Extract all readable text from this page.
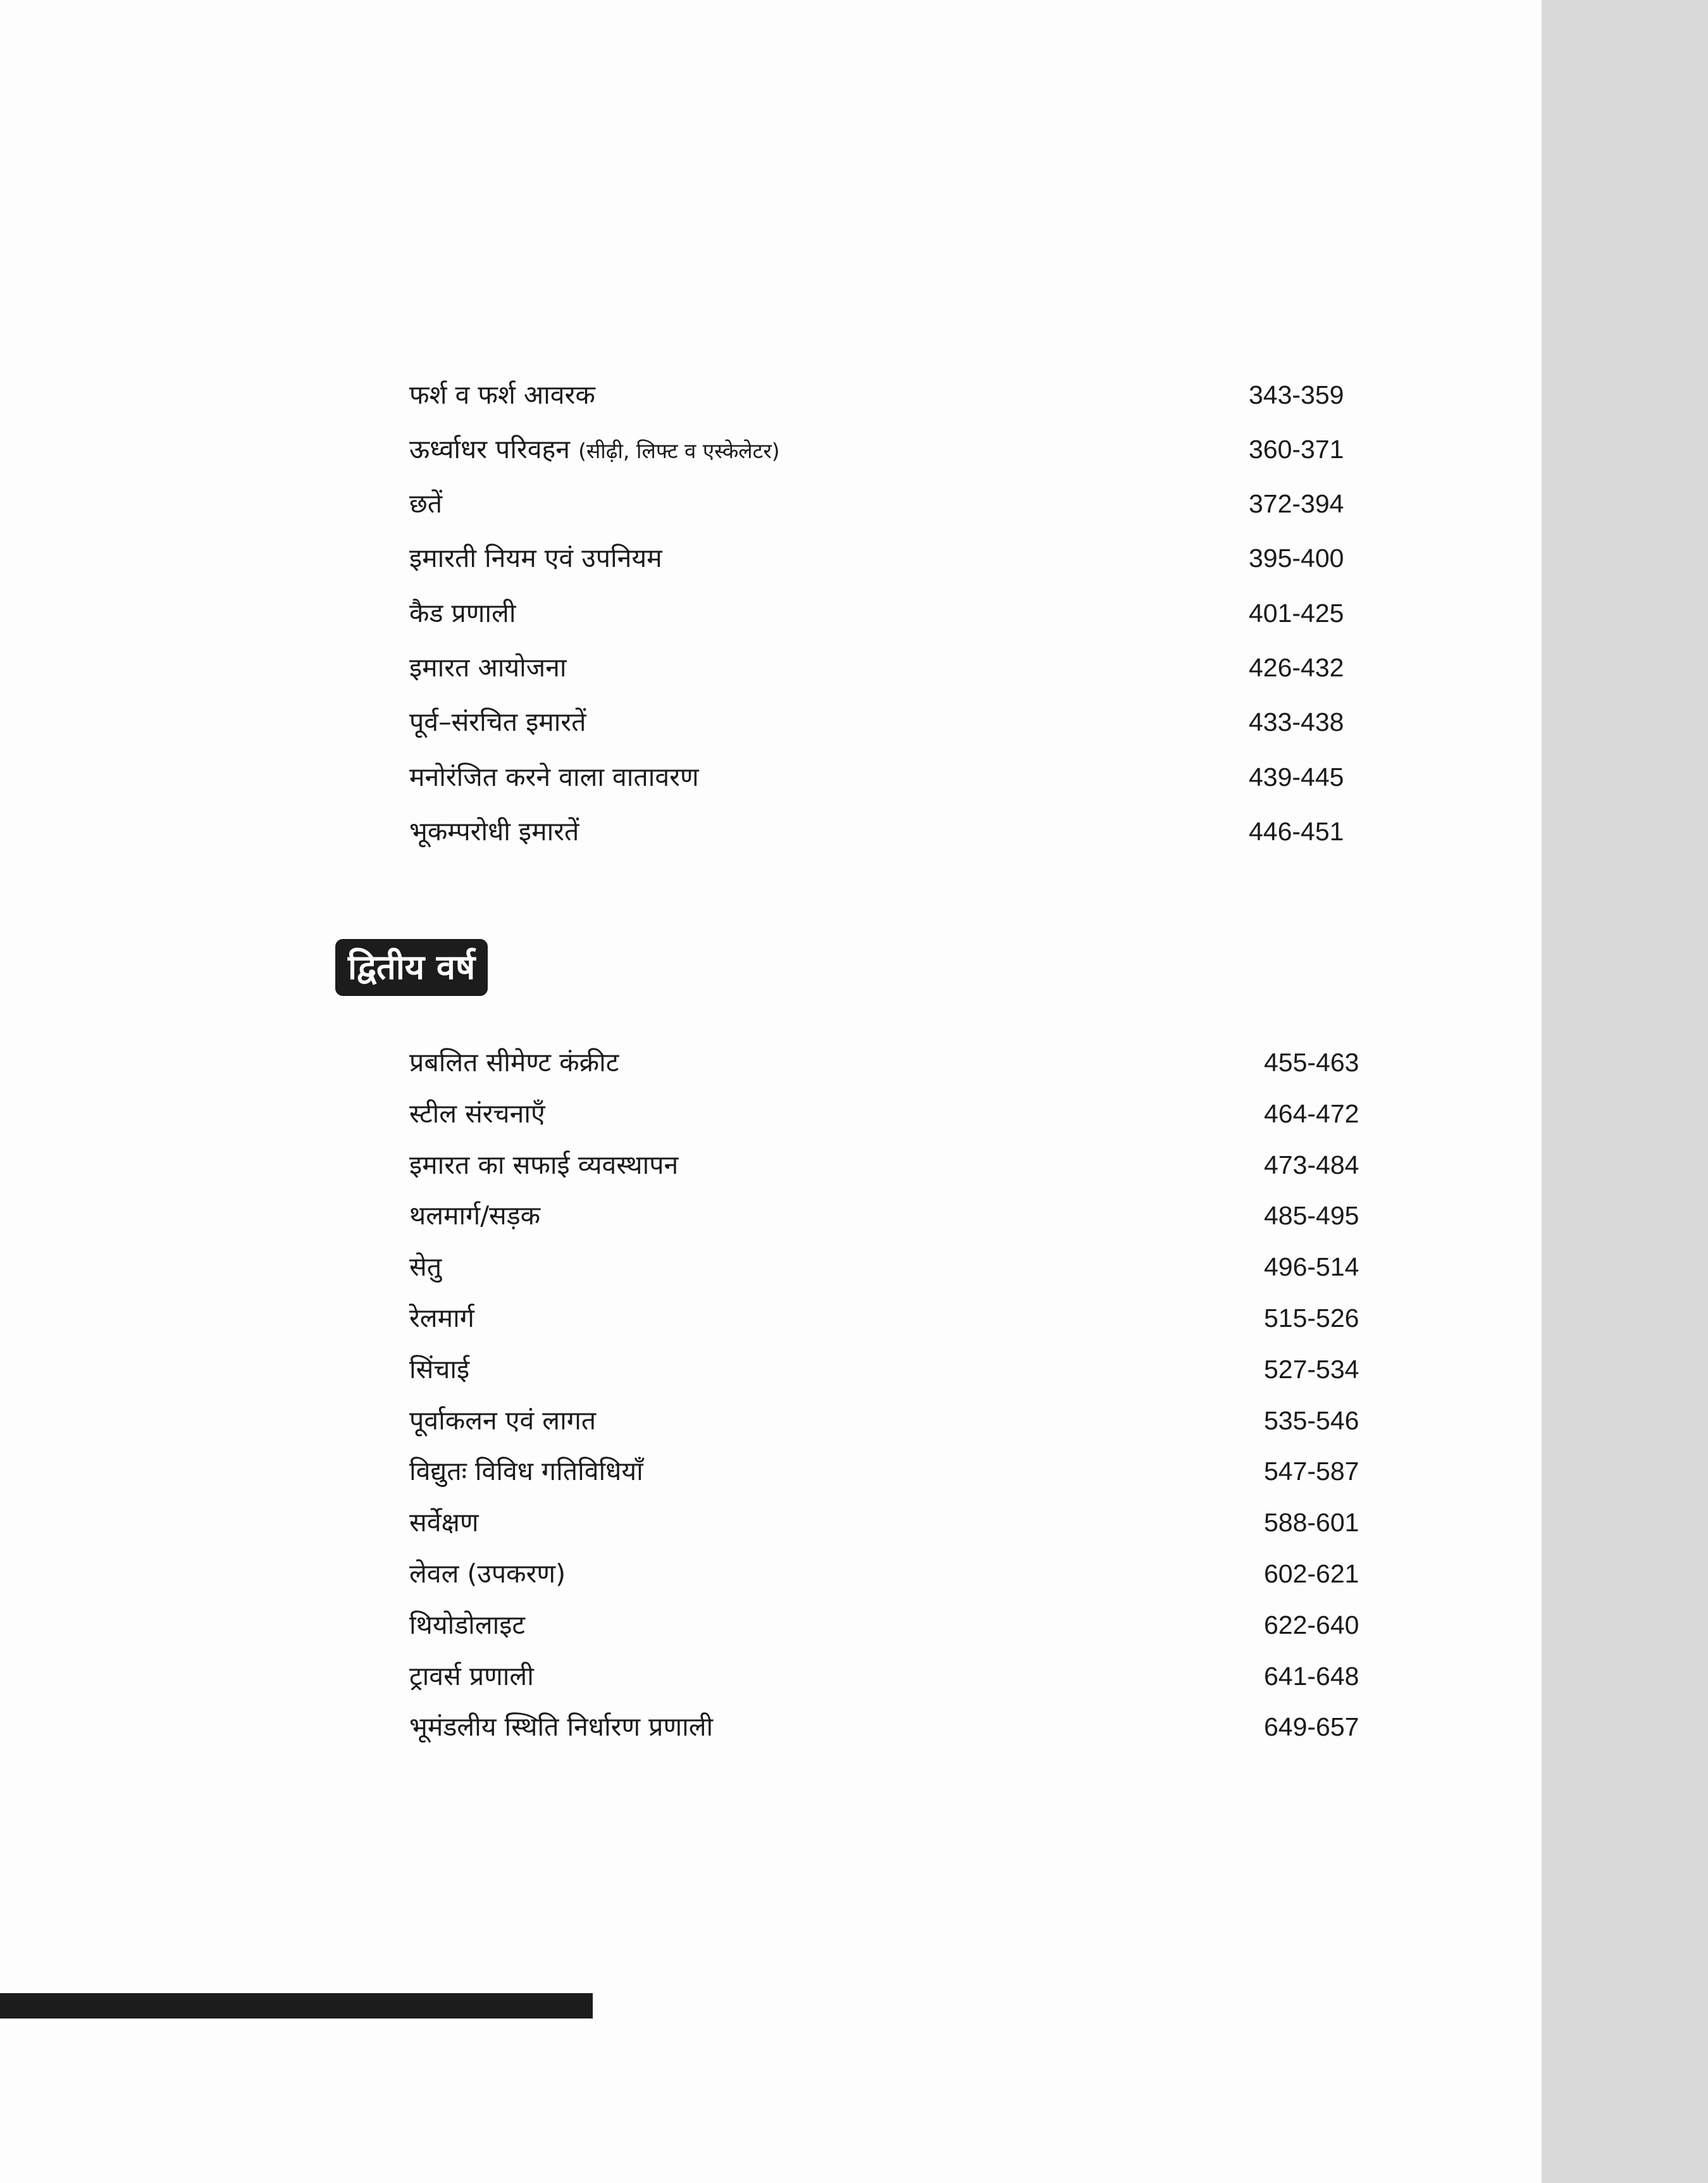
फर्श व फर्श आवरक	343-359
ऊर्ध्वाधर परिवहन (सीढ़ी, लिफ्ट व एस्केलेटर)	360-371
छतें	372-394
इमारती नियम एवं उपनियम	395-400
कैड प्रणाली	401-425
इमारत आयोजना	426-432
पूर्व–संरचित इमारतें	433-438
मनोरंजित करने वाला वातावरण	439-445
भूकम्परोधी इमारतें	446-451
द्वितीय वर्ष
प्रबलित सीमेण्ट कंक्रीट	455-463
स्टील संरचनाएँ	464-472
इमारत का सफाई व्यवस्थापन	473-484
थलमार्ग/सड़क	485-495
सेतु	496-514
रेलमार्ग	515-526
सिंचाई	527-534
पूर्वाकलन एवं लागत	535-546
विद्युतः विविध गतिविधियाँ	547-587
सर्वेक्षण	588-601
लेवल (उपकरण)	602-621
थियोडोलाइट	622-640
ट्रावर्स प्रणाली	641-648
भूमंडलीय स्थिति निर्धारण प्रणाली	649-657
